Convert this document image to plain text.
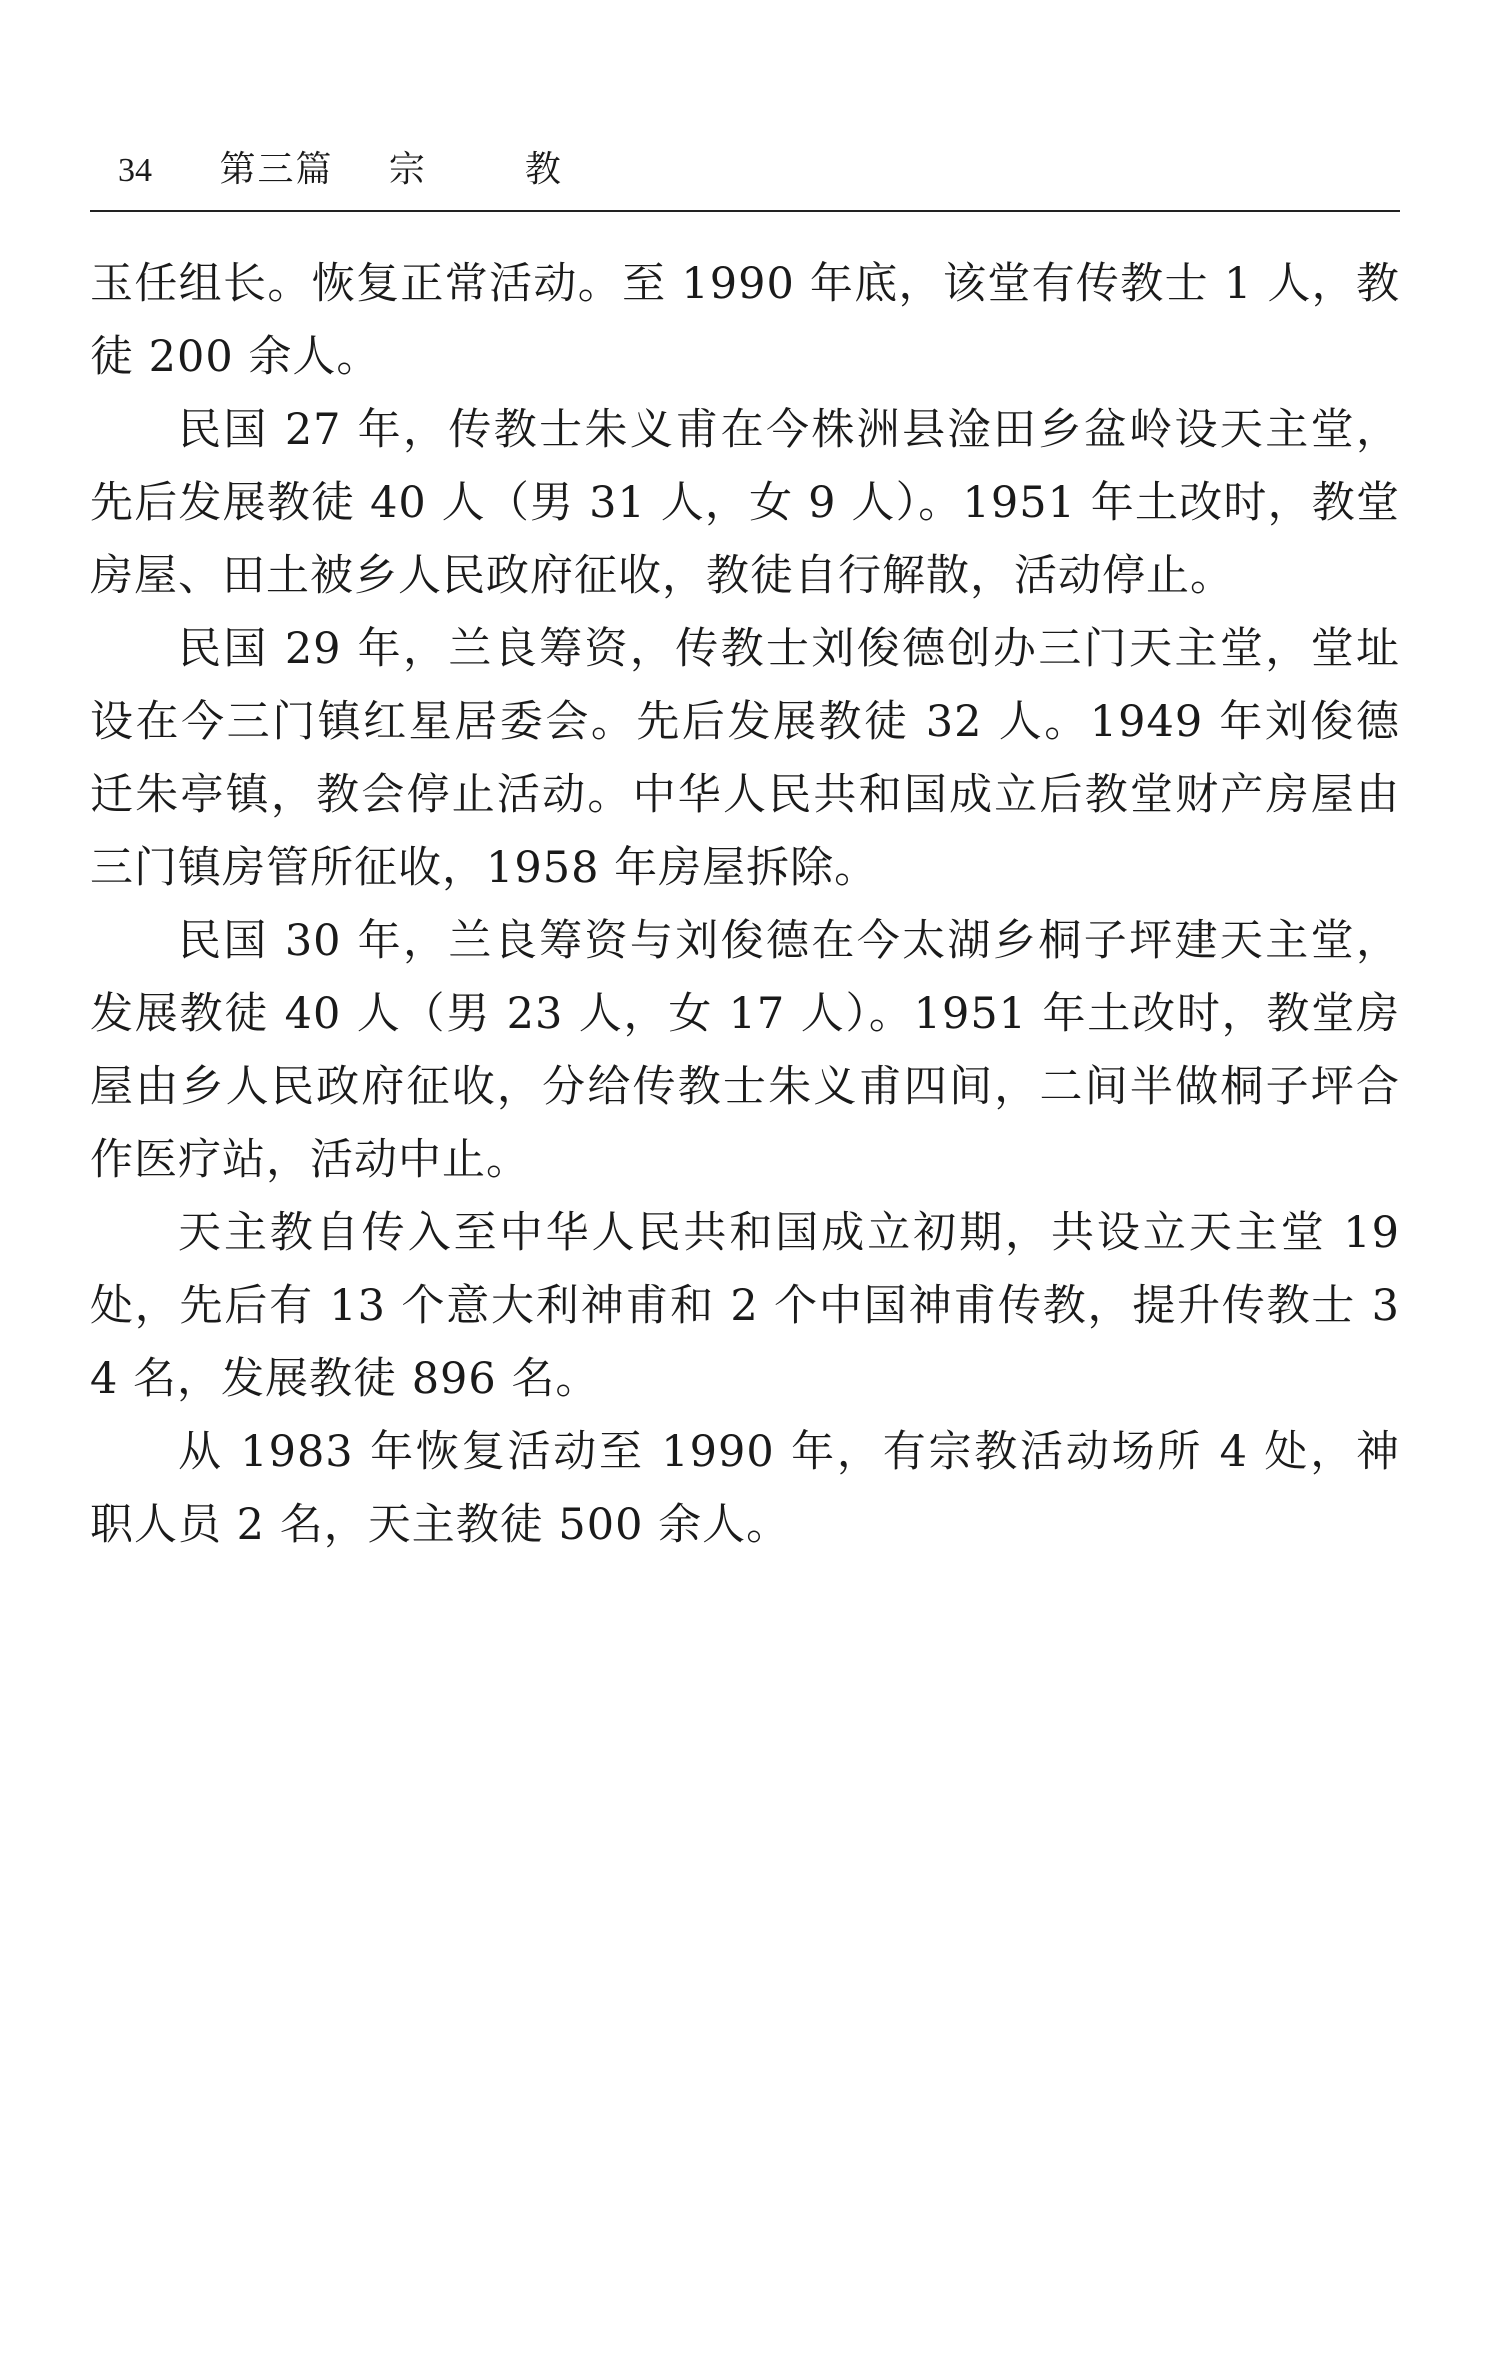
34 第三篇 宗教

玉任组长。恢复正常活动。至 1990 年底，该堂有传教士 1 人，教徒 200 余人。

民国 27 年，传教士朱义甫在今株洲县淦田乡盆岭设天主堂，先后发展教徒 40 人（男 31 人，女 9 人）。1951 年土改时，教堂房屋、田土被乡人民政府征收，教徒自行解散，活动停止。

民国 29 年，兰良筹资，传教士刘俊德创办三门天主堂，堂址设在今三门镇红星居委会。先后发展教徒 32 人。1949 年刘俊德迁朱亭镇，教会停止活动。中华人民共和国成立后教堂财产房屋由三门镇房管所征收，1958 年房屋拆除。

民国 30 年，兰良筹资与刘俊德在今太湖乡桐子坪建天主堂，发展教徒 40 人（男 23 人，女 17 人）。1951 年土改时，教堂房屋由乡人民政府征收，分给传教士朱义甫四间，二间半做桐子坪合作医疗站，活动中止。

天主教自传入至中华人民共和国成立初期，共设立天主堂 19 处，先后有 13 个意大利神甫和 2 个中国神甫传教，提升传教士 34 名，发展教徒 896 名。

从 1983 年恢复活动至 1990 年，有宗教活动场所 4 处，神职人员 2 名，天主教徒 500 余人。
